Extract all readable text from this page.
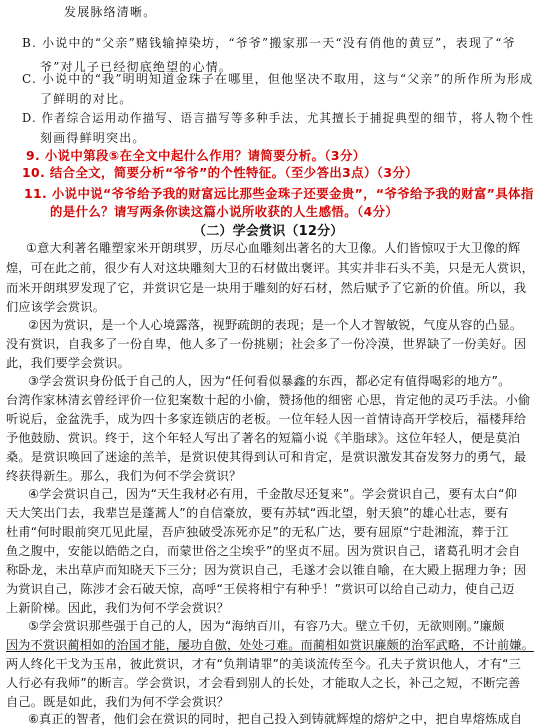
发展脉络清晰。
B. 小说中的“父亲”赌钱输掉染坊，“爷爷”搬家那一天“没有俏他的黄豆”，表现了“爷
爷”对儿子已经彻底绝望的心情。
C. 小说中的“我”明明知道金珠子在哪里，但他坚决不取用，这与“父亲”的所作所为形成
了鲜明的对比。
D. 作者综合运用动作描写、语言描写等多种手法，尤其擅长于捕捉典型的细节，将人物个性
刻画得鲜明突出。
9. 小说中第段⑤在全文中起什么作用？请简要分析。（3分）
10. 结合全文，简要分析“爷爷”的个性特征。（至少答出3点）（3分）
11. 小说中说“爷爷给予我的财富远比那些金珠子还要金贵”，“爷爷给予我的财富”具体指
的是什么？请写两条你读这篇小说所收获的人生感悟。（4分）
（二）学会赏识（12分）
①意大利著名雕塑家米开朗琪罗，历尽心血雕刻出著名的大卫像。人们皆惊叹于大卫像的辉
煌，可在此之前，很少有人对这块雕刻大卫的石材做出褒评。其实并非石头不美，只是无人赏识，
而米开朗琪罗发现了它，并赏识它是一块用于雕刻的好石材，然后赋予了它新的价值。所以，我
们应该学会赏识。
②因为赏识，是一个人心境露落，视野疏朗的表现；是一个人才智敏锐，气度从容的凸显。
没有赏识，自我多了一份自卑，他人多了一份挑剔；社会多了一份冷漠，世界缺了一份美好。因
此，我们要学会赏识。
③学会赏识身份低于自己的人，因为“任何看似暴鑫的东西，都必定有值得喝彩的地方”。
台湾作家林清玄曾经评价一位犯案数十起的小偷，赞扬他的细密 心思，肯定他的灵巧手法。小偷
听说后，金盆洗手，成为四十多家连锁店的老板。一位年轻人因一首情诗高开学校后，福楼拜给
予他鼓励、赏识。终于，这个年轻人写出了著名的短篇小说《羊脂球》。这位年轻人，便是莫泊
桑。是赏识唤回了迷途的羔羊，是赏识使其得到认可和肯定，是赏识激发其奋发努力的勇气，最
终获得新生。那么，我们为何不学会赏识？
④学会赏识自己，因为“天生我材必有用，千金散尽还复来”。学会赏识自己，要有太白“仰
天大笑出门去，我辈岂是蓬蒿人”的自信豪放，要有苏轼“西北望，射天狼”的雄心壮志，要有
杜甫“何时眼前突兀见此屋，吾庐独破受冻死亦足”的无私广达，要有屈原“宁赴湘流，葬于江
鱼之腹中，安能以皓皓之白，而蒙世俗之尘埃乎”的坚贞不屈。因为赏识自己，诸葛孔明才会自
称卧龙，未出草庐而知晓天下三分；因为赏识自己，毛遂才会以锥自喻，在大殿上据理力争；因
为赏识自己，陈涉才会石破天惊，高呼“王侯将相宁有种乎！”赏识可以给自己动力，使自己迈
上新阶梯。因此，我们为何不学会赏识？
⑤学会赏识那些强于自己的人，因为“海纳百川，有容乃大。壁立千仞，无欲则刚。”廉颇
因为不赏识蔺相如的治国才能，屡功自傲，处处刁难。而蔺相如赏识廉颇的治军武略，不计前嫌。
两人终化干戈为玉帛，彼此赏识，才有“负荆请罪”的美谈流传至今。孔夫子赏识他人，才有“三
人行必有我师”的断言。学会赏识，才会看到别人的长处，才能取人之长，补己之短，不断完善
自己。既是如此，我们为何不学会赏识？
⑥真正的智者，他们会在赏识的同时，把自己投入到铸就辉煌的熔炉之中，把自卑熔炼成自
